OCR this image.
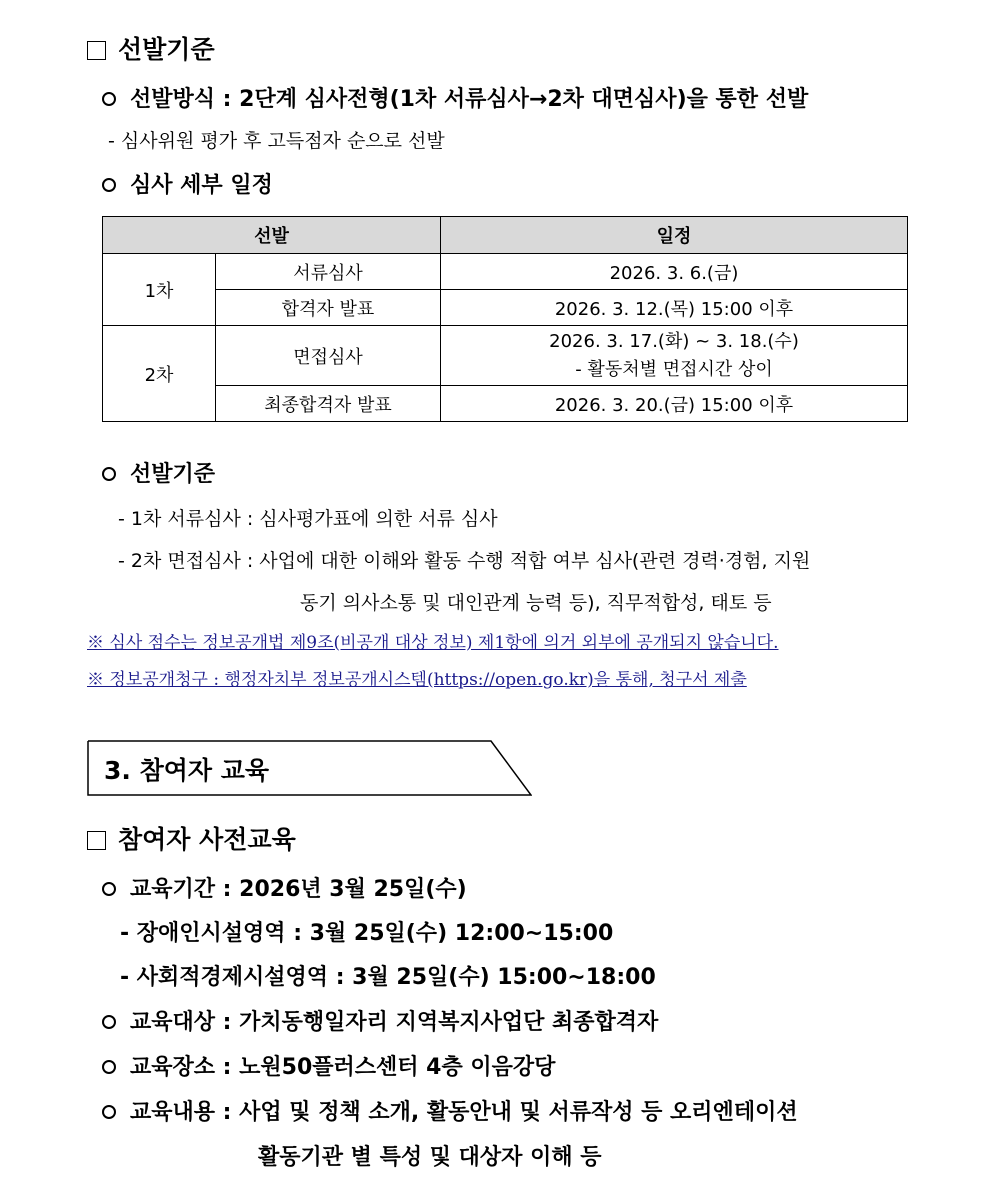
선발기준
선발방식 : 2단계 심사전형(1차 서류심사→2차 대면심사)을 통한 선발
- 심사위원 평가 후 고득점자 순으로 선발
심사 세부 일정
선발		일정
1차	서류심사	2026. 3. 6.(금)
	합격자 발표	2026. 3. 12.(목) 15:00 이후
2차	면접심사	2026. 3. 17.(화) ~ 3. 18.(수)
- 활동처별 면접시간 상이

	최종합격자 발표	2026. 3. 20.(금) 15:00 이후
선발기준
- 1차 서류심사 : 심사평가표에 의한 서류 심사
- 2차 면접심사 : 사업에 대한 이해와 활동 수행 적합 여부 심사(관련 경력·경험, 지원
동기 의사소통 및 대인관계 능력 등), 직무적합성, 태토 등
※ 심사 점수는 정보공개법 제9조(비공개 대상 정보) 제1항에 의거 외부에 공개되지 않습니다.
※ 정보공개청구 : 행정자치부 정보공개시스템(https://open.go.kr)을 통해, 청구서 제출
3. 참여자 교육
참여자 사전교육
교육기간 : 2026년 3월 25일(수)
- 장애인시설영역 : 3월 25일(수) 12:00~15:00
- 사회적경제시설영역 : 3월 25일(수) 15:00~18:00
교육대상 : 가치동행일자리 지역복지사업단 최종합격자
교육장소 : 노원50플러스센터 4층 이음강당
교육내용 : 사업 및 정책 소개, 활동안내 및 서류작성 등 오리엔테이션
활동기관 별 특성 및 대상자 이해 등
